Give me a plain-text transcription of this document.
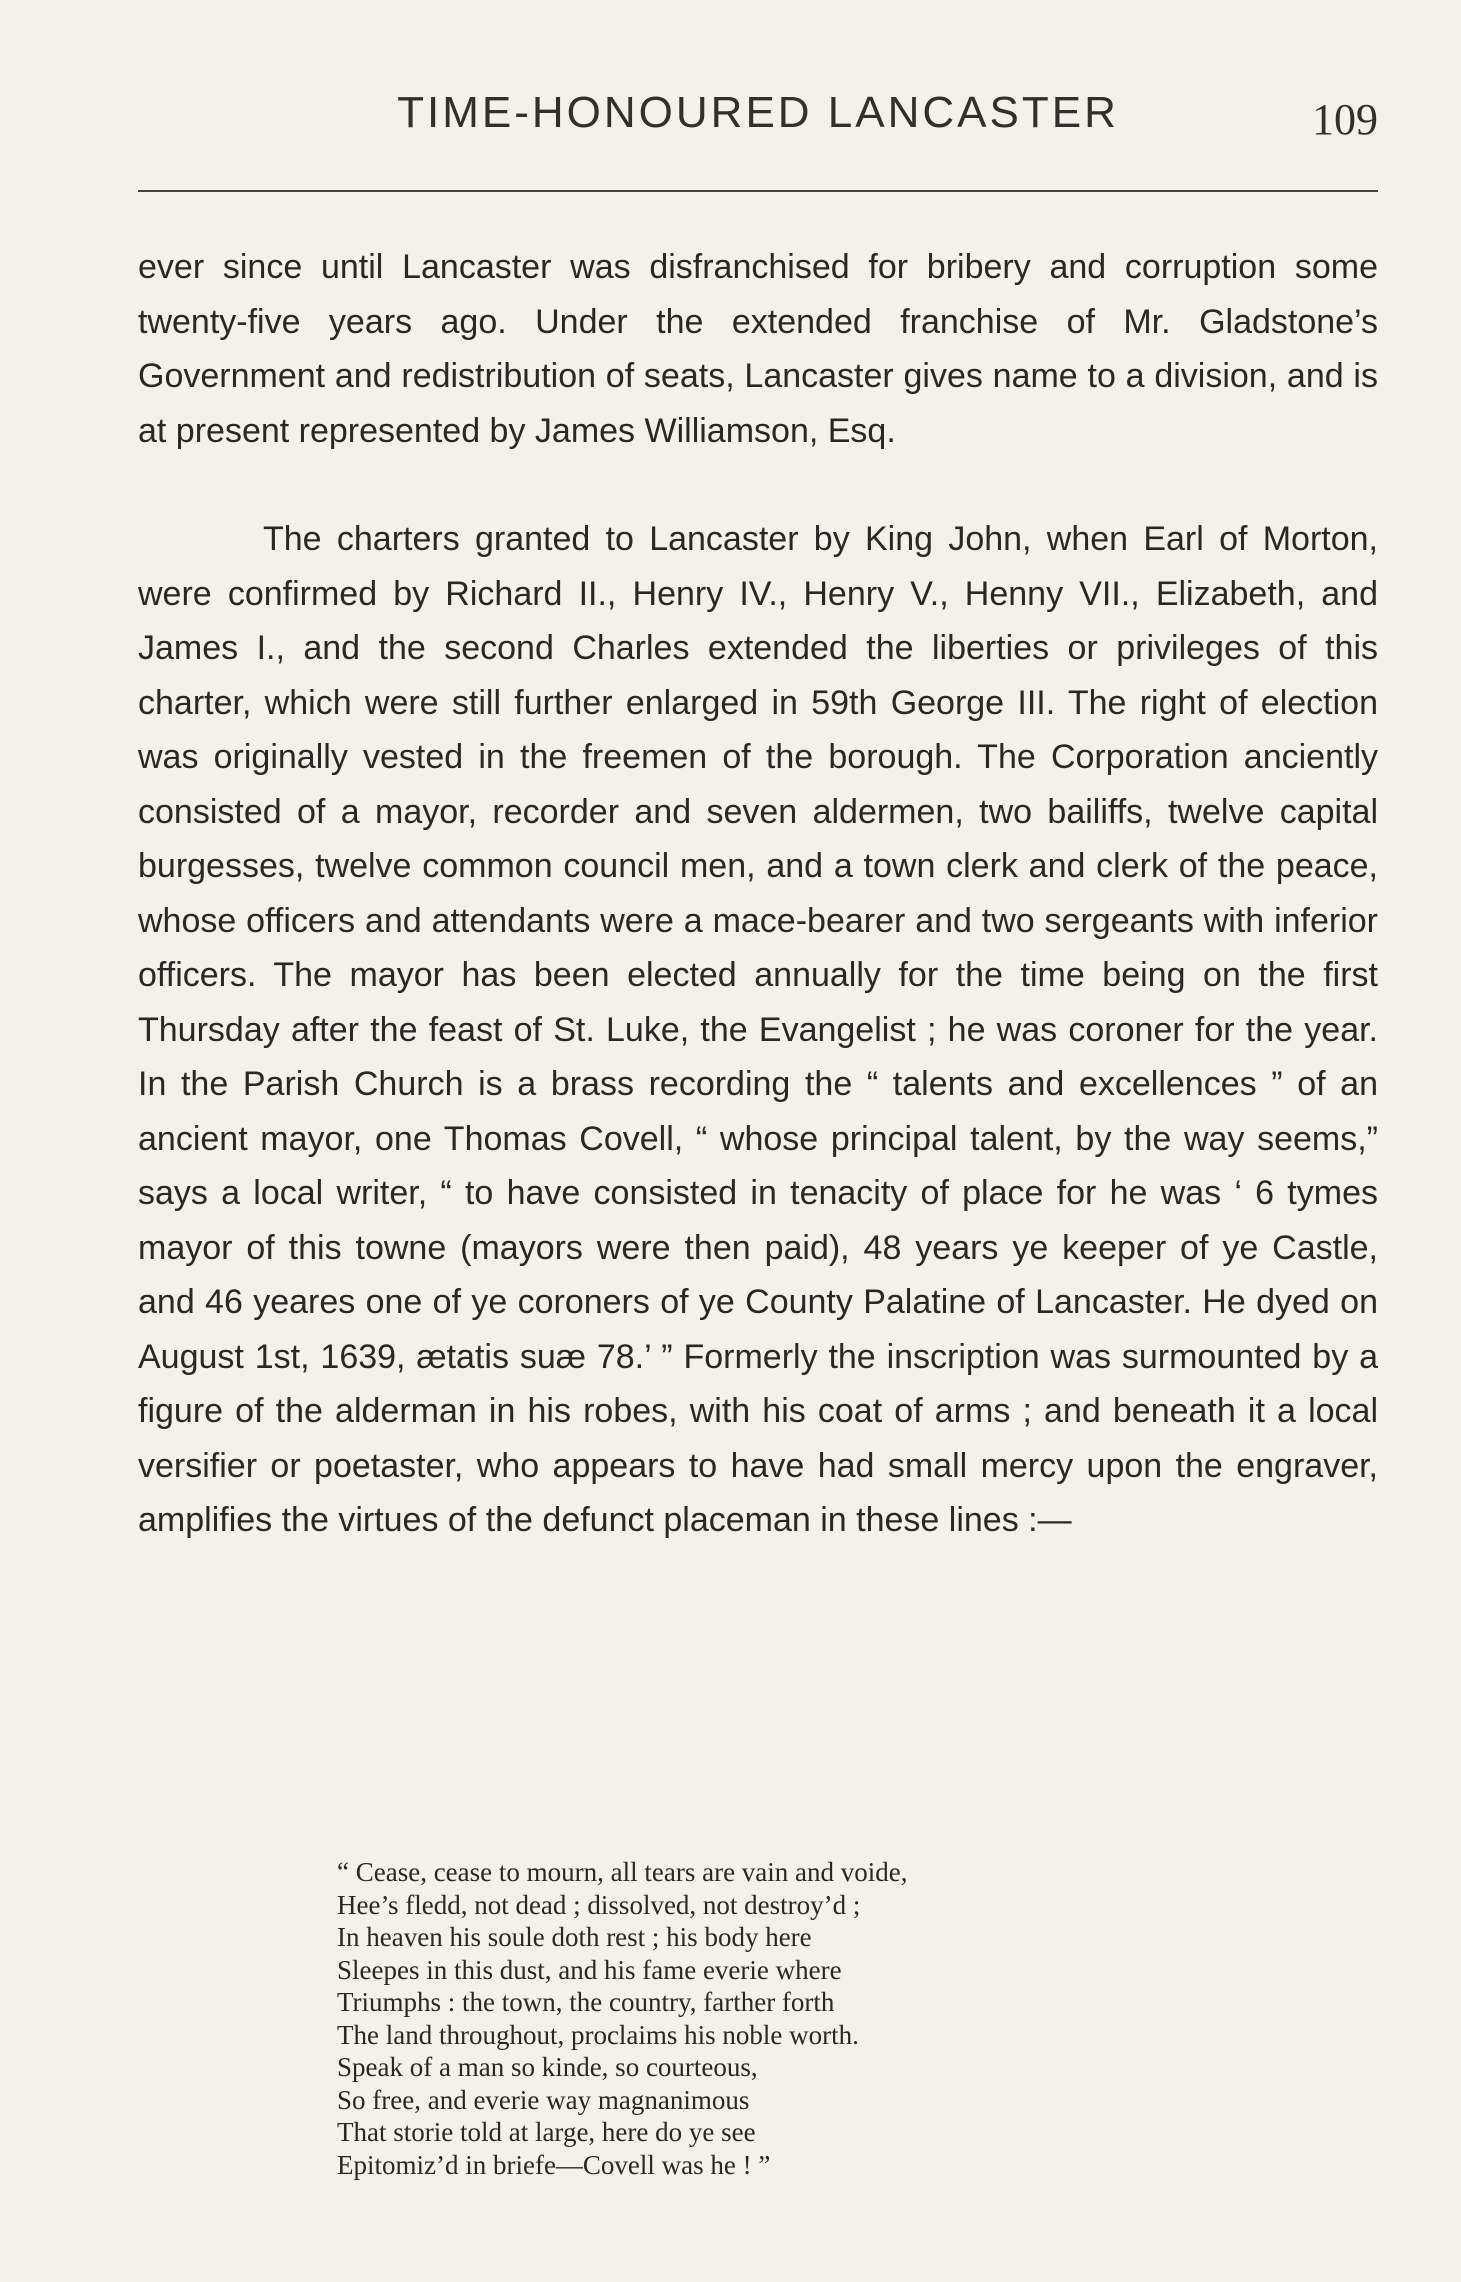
TIME-HONOURED LANCASTER	109

ever since until Lancaster was disfranchised for bribery and corruption some twenty-five years ago. Under the extended franchise of Mr. Gladstone’s Government and redistribution of seats, Lancaster gives name to a division, and is at present represented by James Williamson, Esq.

The charters granted to Lancaster by King John, when Earl of Morton, were confirmed by Richard II., Henry IV., Henry V., Henny VII., Elizabeth, and James I., and the second Charles extended the liberties or privileges of this charter, which were still further enlarged in 59th George III. The right of election was originally vested in the freemen of the borough. The Corporation anciently consisted of a mayor, recorder and seven aldermen, two bailiffs, twelve capital burgesses, twelve common council men, and a town clerk and clerk of the peace, whose officers and attendants were a mace-bearer and two sergeants with inferior officers. The mayor has been elected annually for the time being on the first Thursday after the feast of St. Luke, the Evangelist ; he was coroner for the year. In the Parish Church is a brass recording the “ talents and excellences ” of an ancient mayor, one Thomas Covell, “ whose principal talent, by the way seems,” says a local writer, “ to have consisted in tenacity of place for he was ‘ 6 tymes mayor of this towne (mayors were then paid), 48 years ye keeper of ye Castle, and 46 yeares one of ye coroners of ye County Palatine of Lancaster. He dyed on August 1st, 1639, ætatis suæ 78.’ ” Formerly the inscription was surmounted by a figure of the alderman in his robes, with his coat of arms ; and beneath it a local versifier or poetaster, who appears to have had small mercy upon the engraver, amplifies the virtues of the defunct placeman in these lines :—

“ Cease, cease to mourn, all tears are vain and voide,
Hee’s fledd, not dead ; dissolved, not destroy’d ;
In heaven his soule doth rest ; his body here
Sleepes in this dust, and his fame everie where
Triumphs : the town, the country, farther forth
The land throughout, proclaims his noble worth.
Speak of a man so kinde, so courteous,
So free, and everie way magnanimous
That storie told at large, here do ye see
Epitomiz’d in briefe—Covell was he ! ”
